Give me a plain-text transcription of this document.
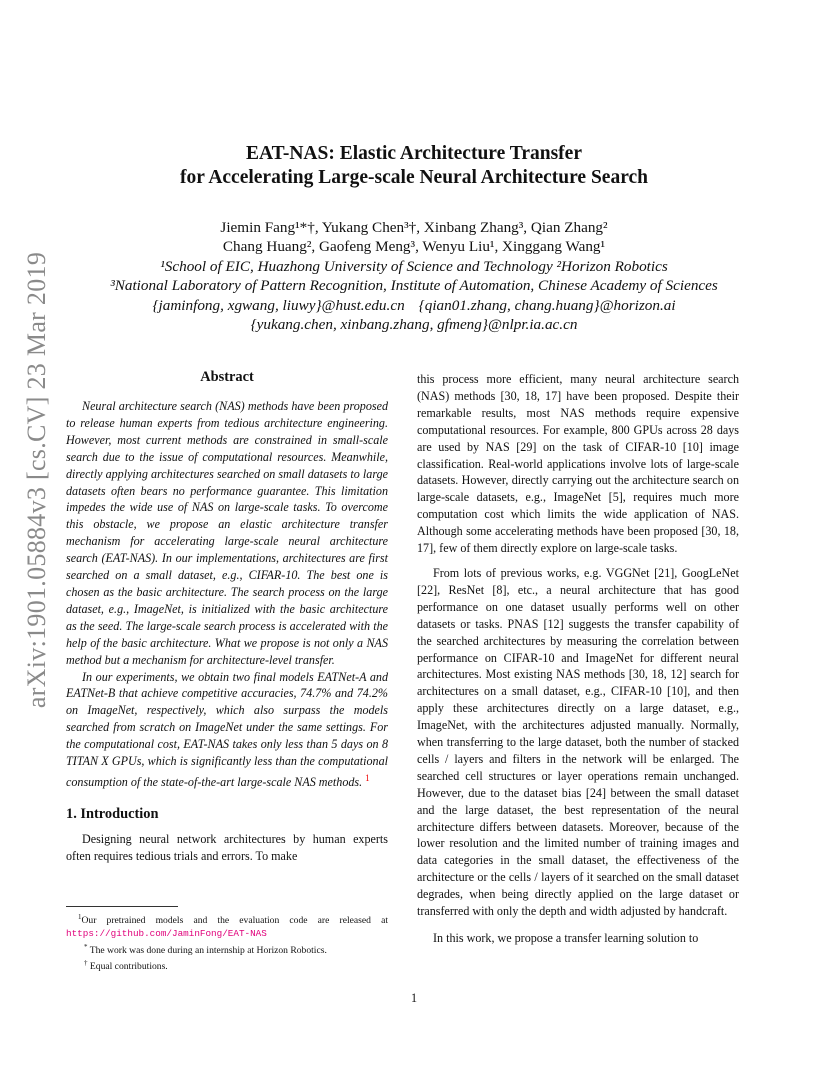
arXiv:1901.05884v3 [cs.CV] 23 Mar 2019
EAT-NAS: Elastic Architecture Transfer
for Accelerating Large-scale Neural Architecture Search
Jiemin Fang¹*†, Yukang Chen³†, Xinbang Zhang³, Qian Zhang²
Chang Huang², Gaofeng Meng³, Wenyu Liu¹, Xinggang Wang¹
¹School of EIC, Huazhong University of Science and Technology ²Horizon Robotics
³National Laboratory of Pattern Recognition, Institute of Automation, Chinese Academy of Sciences
{jaminfong, xgwang, liuwy}@hust.edu.cn {qian01.zhang, chang.huang}@horizon.ai
{yukang.chen, xinbang.zhang, gfmeng}@nlpr.ia.ac.cn
Abstract

Neural architecture search (NAS) methods have been proposed to release human experts from tedious architecture engineering. However, most current methods are constrained in small-scale search due to the issue of computational resources. Meanwhile, directly applying architectures searched on small datasets to large datasets often bears no performance guarantee. This limitation impedes the wide use of NAS on large-scale tasks. To overcome this obstacle, we propose an elastic architecture transfer mechanism for accelerating large-scale neural architecture search (EAT-NAS). In our implementations, architectures are first searched on a small dataset, e.g., CIFAR-10. The best one is chosen as the basic architecture. The search process on the large dataset, e.g., ImageNet, is initialized with the basic architecture as the seed. The large-scale search process is accelerated with the help of the basic architecture. What we propose is not only a NAS method but a mechanism for architecture-level transfer.

In our experiments, we obtain two final models EATNet-A and EATNet-B that achieve competitive accuracies, 74.7% and 74.2% on ImageNet, respectively, which also surpass the models searched from scratch on ImageNet under the same settings. For the computational cost, EAT-NAS takes only less than 5 days on 8 TITAN X GPUs, which is significantly less than the computational consumption of the state-of-the-art large-scale NAS methods. $^1$

1. Introduction

Designing neural network architectures by human experts often requires tedious trials and errors. To make

this process more efficient, many neural architecture search (NAS) methods [30, 18, 17] have been proposed. Despite their remarkable results, most NAS methods require expensive computational resources. For example, 800 GPUs across 28 days are used by NAS [29] on the task of CIFAR-10 [10] image classification. Real-world applications involve lots of large-scale datasets. However, directly carrying out the architecture search on large-scale datasets, e.g., ImageNet [5], requires much more computation cost which limits the wide application of NAS. Although some accelerating methods have been proposed [30, 18, 17], few of them directly explore on large-scale tasks.

From lots of previous works, e.g. VGGNet [21], GoogLeNet [22], ResNet [8], etc., a neural architecture that has good performance on one dataset usually performs well on other datasets or tasks. PNAS [12] suggests the transfer capability of the searched architectures by measuring the correlation between performance on CIFAR-10 and ImageNet for different neural architectures. Most existing NAS methods [30, 18, 12] search for architectures on a small dataset, e.g., CIFAR-10 [10], and then apply these architectures directly on a large dataset, e.g., ImageNet, with the architectures adjusted manually. Normally, when transferring to the large dataset, both the number of stacked cells / layers and filters in the network will be enlarged. The searched cell structures or layer operations remain unchanged. However, due to the dataset bias [24] between the small dataset and the large dataset, the best representation of the neural architecture differs between datasets. Moreover, because of the lower resolution and the limited number of training images and data categories in the small dataset, the effectiveness of the architecture or the cells / layers of it searched on the small dataset degrades, when being directly applied on the large dataset or transferred with only the depth and width adjusted by handcraft.

In this work, we propose a transfer learning solution to

$^1$Our pretrained models and the evaluation code are released at https://github.com/JaminFong/EAT-NAS
* The work was done during an internship at Horizon Robotics.
† Equal contributions.
1
